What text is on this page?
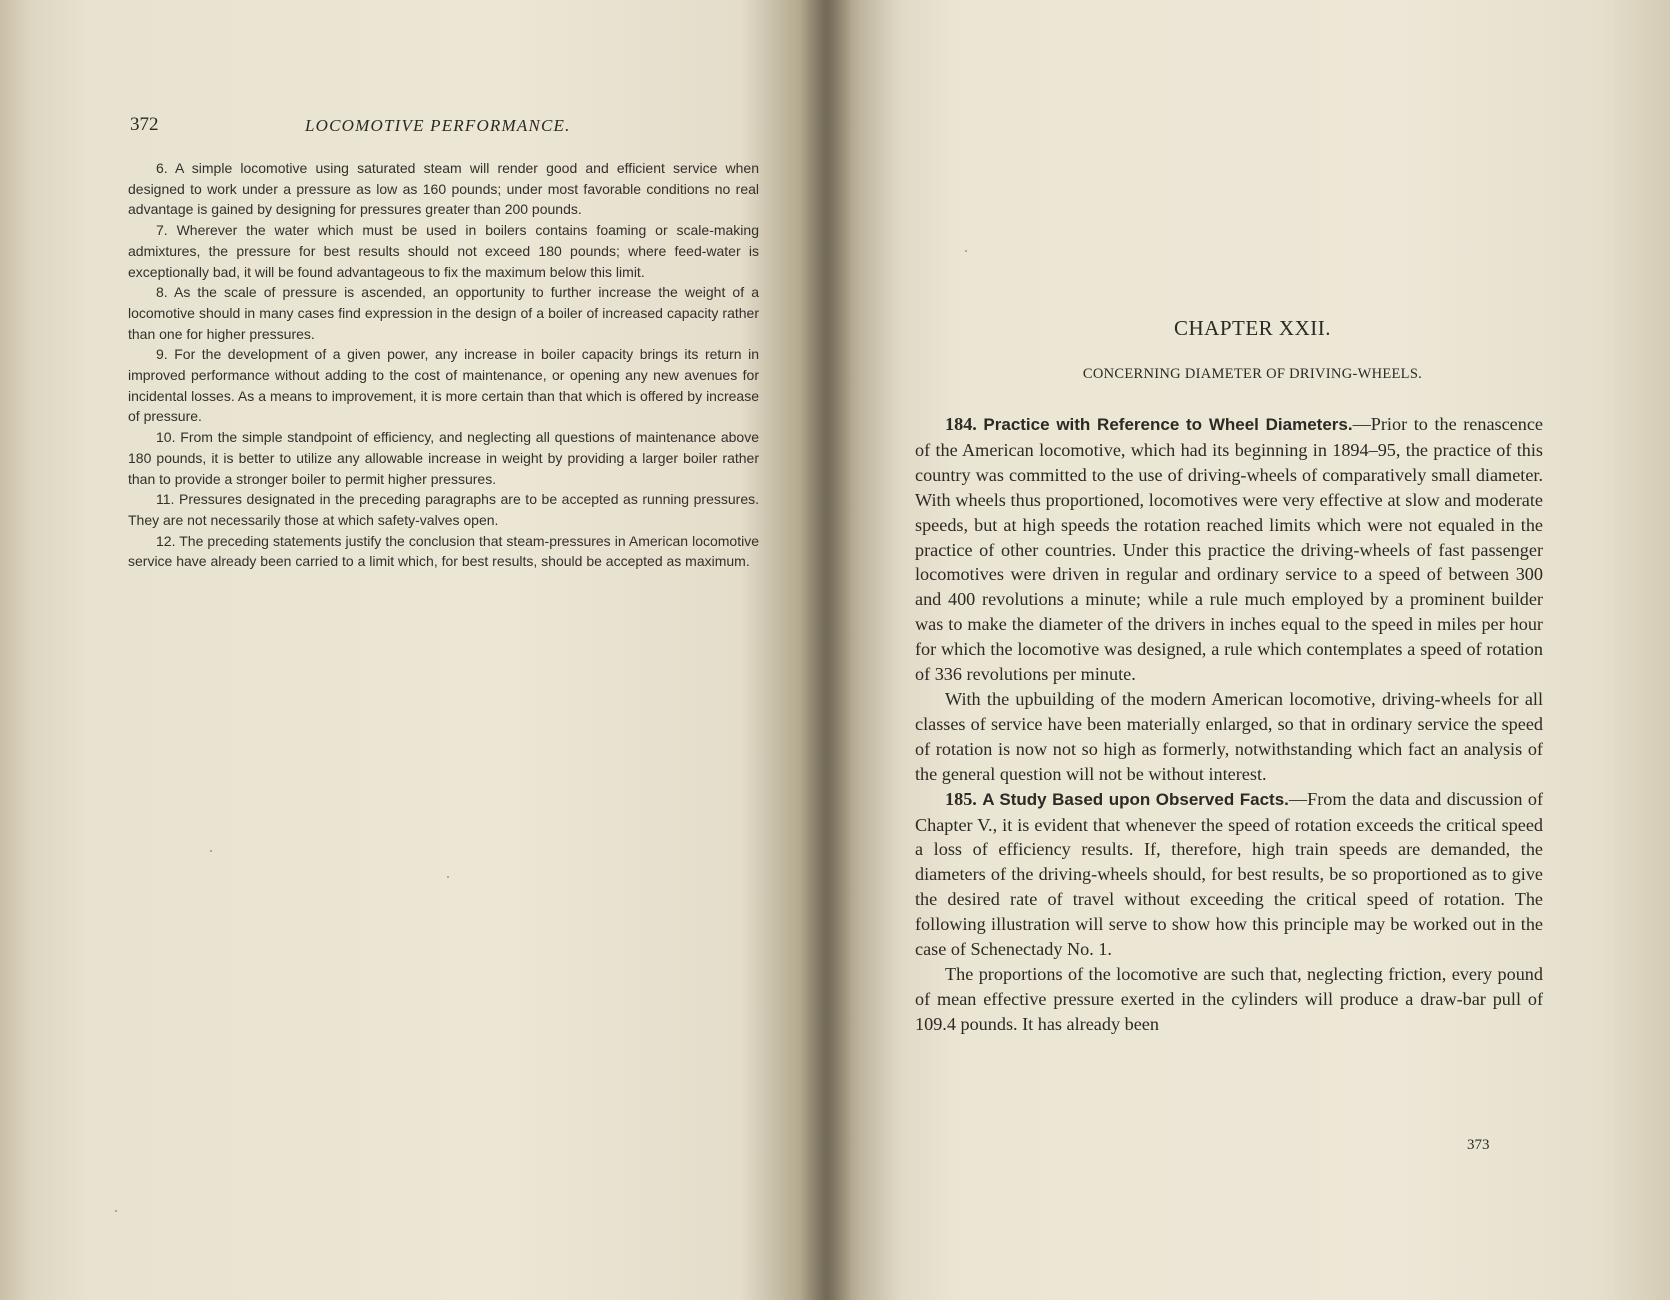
372	LOCOMOTIVE PERFORMANCE.

6. A simple locomotive using saturated steam will render good and efficient service when designed to work under a pressure as low as 160 pounds; under most favorable conditions no real advantage is gained by designing for pressures greater than 200 pounds.

7. Wherever the water which must be used in boilers contains foaming or scale-making admixtures, the pressure for best results should not exceed 180 pounds; where feed-water is exceptionally bad, it will be found advantageous to fix the maximum below this limit.

8. As the scale of pressure is ascended, an opportunity to further increase the weight of a locomotive should in many cases find expression in the design of a boiler of increased capacity rather than one for higher pressures.

9. For the development of a given power, any increase in boiler capacity brings its return in improved performance without adding to the cost of maintenance, or opening any new avenues for incidental losses. As a means to improvement, it is more certain than that which is offered by increase of pressure.

10. From the simple standpoint of efficiency, and neglecting all questions of maintenance above 180 pounds, it is better to utilize any allowable increase in weight by providing a larger boiler rather than to provide a stronger boiler to permit higher pressures.

11. Pressures designated in the preceding paragraphs are to be accepted as running pressures. They are not necessarily those at which safety-valves open.

12. The preceding statements justify the conclusion that steam-pressures in American locomotive service have already been carried to a limit which, for best results, should be accepted as maximum.

CHAPTER XXII.
CONCERNING DIAMETER OF DRIVING-WHEELS.

184. Practice with Reference to Wheel Diameters.—Prior to the renascence of the American locomotive, which had its beginning in 1894–95, the practice of this country was committed to the use of driving-wheels of comparatively small diameter. With wheels thus proportioned, locomotives were very effective at slow and moderate speeds, but at high speeds the rotation reached limits which were not equaled in the practice of other countries. Under this practice the driving-wheels of fast passenger locomotives were driven in regular and ordinary service to a speed of between 300 and 400 revolutions a minute; while a rule much employed by a prominent builder was to make the diameter of the drivers in inches equal to the speed in miles per hour for which the locomotive was designed, a rule which contemplates a speed of rotation of 336 revolutions per minute.

With the upbuilding of the modern American locomotive, driving-wheels for all classes of service have been materially enlarged, so that in ordinary service the speed of rotation is now not so high as formerly, notwithstanding which fact an analysis of the general question will not be without interest.

185. A Study Based upon Observed Facts.—From the data and discussion of Chapter V., it is evident that whenever the speed of rotation exceeds the critical speed a loss of efficiency results. If, therefore, high train speeds are demanded, the diameters of the driving-wheels should, for best results, be so proportioned as to give the desired rate of travel without exceeding the critical speed of rotation. The following illustration will serve to show how this principle may be worked out in the case of Schenectady No. 1.

The proportions of the locomotive are such that, neglecting friction, every pound of mean effective pressure exerted in the cylinders will produce a draw-bar pull of 109.4 pounds. It has already been

373
